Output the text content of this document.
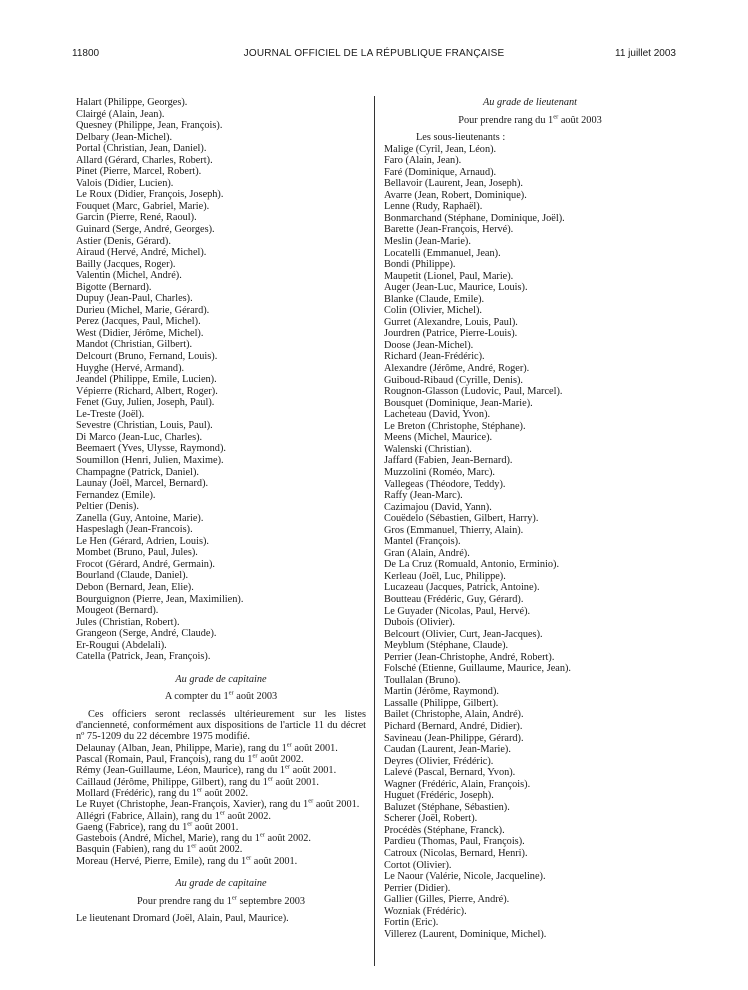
11800	JOURNAL OFFICIEL DE LA RÉPUBLIQUE FRANÇAISE	11 juillet 2003
Halart (Philippe, Georges).
Clairgé (Alain, Jean).
Quesney (Philippe, Jean, François).
Delbary (Jean-Michel).
Portal (Christian, Jean, Daniel).
Allard (Gérard, Charles, Robert).
Pinet (Pierre, Marcel, Robert).
Valois (Didier, Lucien).
Le Roux (Didier, François, Joseph).
Fouquet (Marc, Gabriel, Marie).
Garcin (Pierre, René, Raoul).
Guinard (Serge, André, Georges).
Astier (Denis, Gérard).
Airaud (Hervé, André, Michel).
Bailly (Jacques, Roger).
Valentin (Michel, André).
Bigotte (Bernard).
Dupuy (Jean-Paul, Charles).
Durieu (Michel, Marie, Gérard).
Perez (Jacques, Paul, Michel).
West (Didier, Jérôme, Michel).
Mandot (Christian, Gilbert).
Delcourt (Bruno, Fernand, Louis).
Huyghe (Hervé, Armand).
Jeandel (Philippe, Emile, Lucien).
Vépierre (Richard, Albert, Roger).
Fenet (Guy, Julien, Joseph, Paul).
Le-Treste (Joël).
Sevestre (Christian, Louis, Paul).
Di Marco (Jean-Luc, Charles).
Beemaert (Yves, Ulysse, Raymond).
Soumillon (Henri, Julien, Maxime).
Champagne (Patrick, Daniel).
Launay (Joël, Marcel, Bernard).
Fernandez (Emile).
Peltier (Denis).
Zanella (Guy, Antoine, Marie).
Haspeslagh (Jean-Francois).
Le Hen (Gérard, Adrien, Louis).
Mombet (Bruno, Paul, Jules).
Frocot (Gérard, André, Germain).
Bourland (Claude, Daniel).
Debon (Bernard, Jean, Elie).
Bourguignon (Pierre, Jean, Maximilien).
Mougeot (Bernard).
Jules (Christian, Robert).
Grangeon (Serge, André, Claude).
Er-Rougui (Abdelali).
Catella (Patrick, Jean, François).
Au grade de capitaine
A compter du 1er août 2003
Ces officiers seront reclassés ultérieurement sur les listes d'ancienneté, conformément aux dispositions de l'article 11 du décret nº 75-1209 du 22 décembre 1975 modifié.
Delaunay (Alban, Jean, Philippe, Marie), rang du 1er août 2001.
Pascal (Romain, Paul, François), rang du 1er août 2002.
Rémy (Jean-Guillaume, Léon, Maurice), rang du 1er août 2001.
Caillaud (Jérôme, Philippe, Gilbert), rang du 1er août 2001.
Mollard (Frédéric), rang du 1er août 2002.
Le Ruyet (Christophe, Jean-François, Xavier), rang du 1er août 2001.
Allégri (Fabrice, Allain), rang du 1er août 2002.
Gaeng (Fabrice), rang du 1er août 2001.
Gastebois (André, Michel, Marie), rang du 1er août 2002.
Basquin (Fabien), rang du 1er août 2002.
Moreau (Hervé, Pierre, Emile), rang du 1er août 2001.
Au grade de capitaine
Pour prendre rang du 1er septembre 2003
Le lieutenant Dromard (Joël, Alain, Paul, Maurice).
Au grade de lieutenant
Pour prendre rang du 1er août 2003
Les sous-lieutenants :
Malige (Cyril, Jean, Léon).
Faro (Alain, Jean).
Faré (Dominique, Arnaud).
Bellavoir (Laurent, Jean, Joseph).
Avarre (Jean, Robert, Dominique).
Lenne (Rudy, Raphaël).
Bonmarchand (Stéphane, Dominique, Joël).
Barette (Jean-François, Hervé).
Meslin (Jean-Marie).
Locatelli (Emmanuel, Jean).
Bondi (Philippe).
Maupetit (Lionel, Paul, Marie).
Auger (Jean-Luc, Maurice, Louis).
Blanke (Claude, Emile).
Colin (Olivier, Michel).
Gurret (Alexandre, Louis, Paul).
Jourdren (Patrice, Pierre-Louis).
Doose (Jean-Michel).
Richard (Jean-Frédéric).
Alexandre (Jérôme, André, Roger).
Guiboud-Ribaud (Cyrille, Denis).
Rougnon-Glasson (Ludovic, Paul, Marcel).
Bousquet (Dominique, Jean-Marie).
Lacheteau (David, Yvon).
Le Breton (Christophe, Stéphane).
Meens (Michel, Maurice).
Walenski (Christian).
Jaffard (Fabien, Jean-Bernard).
Muzzolini (Roméo, Marc).
Vallegeas (Théodore, Teddy).
Raffy (Jean-Marc).
Cazimajou (David, Yann).
Couëdelo (Sébastien, Gilbert, Harry).
Gros (Emmanuel, Thierry, Alain).
Mantel (François).
Gran (Alain, André).
De La Cruz (Romuald, Antonio, Erminio).
Kerleau (Joël, Luc, Philippe).
Lucazeau (Jacques, Patrick, Antoine).
Boutteau (Frédéric, Guy, Gérard).
Le Guyader (Nicolas, Paul, Hervé).
Dubois (Olivier).
Belcourt (Olivier, Curt, Jean-Jacques).
Meyblum (Stéphane, Claude).
Perrier (Jean-Christophe, André, Robert).
Folsché (Etienne, Guillaume, Maurice, Jean).
Toullalan (Bruno).
Martin (Jérôme, Raymond).
Lassalle (Philippe, Gilbert).
Bailet (Christophe, Alain, André).
Pichard (Bernard, André, Didier).
Savineau (Jean-Philippe, Gérard).
Caudan (Laurent, Jean-Marie).
Deyres (Olivier, Frédéric).
Lalevé (Pascal, Bernard, Yvon).
Wagner (Frédéric, Alain, François).
Huguet (Frédéric, Joseph).
Baluzet (Stéphane, Sébastien).
Scherer (Joël, Robert).
Procédès (Stéphane, Franck).
Pardieu (Thomas, Paul, François).
Catroux (Nicolas, Bernard, Henri).
Cortot (Olivier).
Le Naour (Valérie, Nicole, Jacqueline).
Perrier (Didier).
Gallier (Gilles, Pierre, André).
Wozniak (Frédéric).
Fortin (Eric).
Villerez (Laurent, Dominique, Michel).
